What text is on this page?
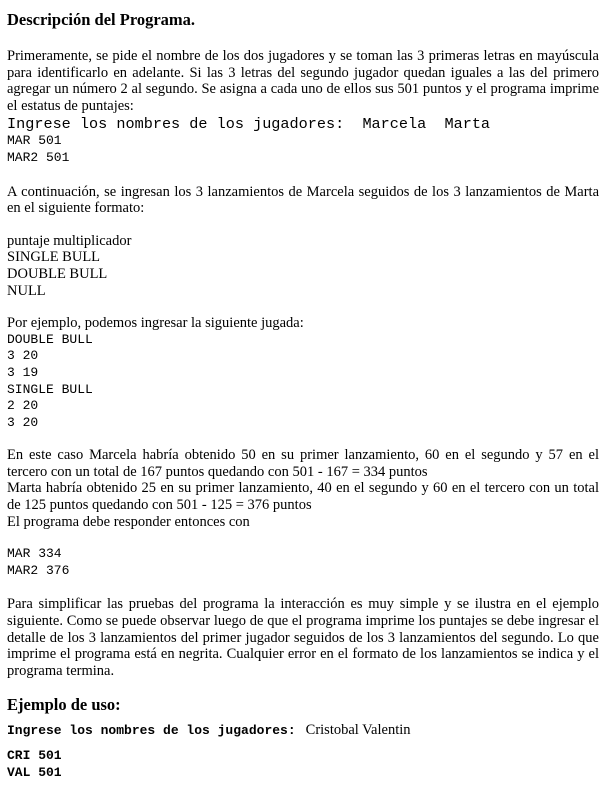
Descripción del Programa.

Primeramente, se pide el nombre de los dos jugadores y se toman las 3 primeras letras en mayúscula para identificarlo en adelante. Si las 3 letras del segundo jugador quedan iguales a las del primero agregar un número 2 al segundo. Se asigna a cada uno de ellos sus 501 puntos y el programa imprime el estatus de puntajes:

Ingrese los nombres de los jugadores:  Marcela  Marta
MAR 501
MAR2 501

A continuación, se ingresan los 3 lanzamientos de Marcela seguidos de los 3 lanzamientos de Marta en el siguiente formato:

puntaje multiplicador
SINGLE BULL
DOUBLE BULL
NULL

Por ejemplo, podemos ingresar la siguiente jugada:

DOUBLE BULL
3 20
3 19
SINGLE BULL
2 20
3 20
En este caso Marcela habría obtenido 50 en su primer lanzamiento, 60 en el segundo y 57 en el tercero con un total de 167 puntos quedando con 501 - 167 = 334 puntos
Marta habría obtenido 25 en su primer lanzamiento, 40 en el segundo y 60 en el tercero con un total de 125 puntos quedando con 501 - 125 = 376 puntos
El programa debe responder entonces con
MAR 334
MAR2 376

Para simplificar las pruebas del programa la interacción es muy simple y se ilustra en el ejemplo siguiente. Como se puede observar luego de que el programa imprime los puntajes se debe ingresar el detalle de los 3 lanzamientos del primer jugador seguidos de los 3 lanzamientos del segundo. Lo que imprime el programa está en negrita. Cualquier error en el formato de los lanzamientos se indica y el programa termina.

Ejemplo de uso:
Ingrese los nombres de los jugadores: Cristobal Valentin
CRI 501
VAL 501
